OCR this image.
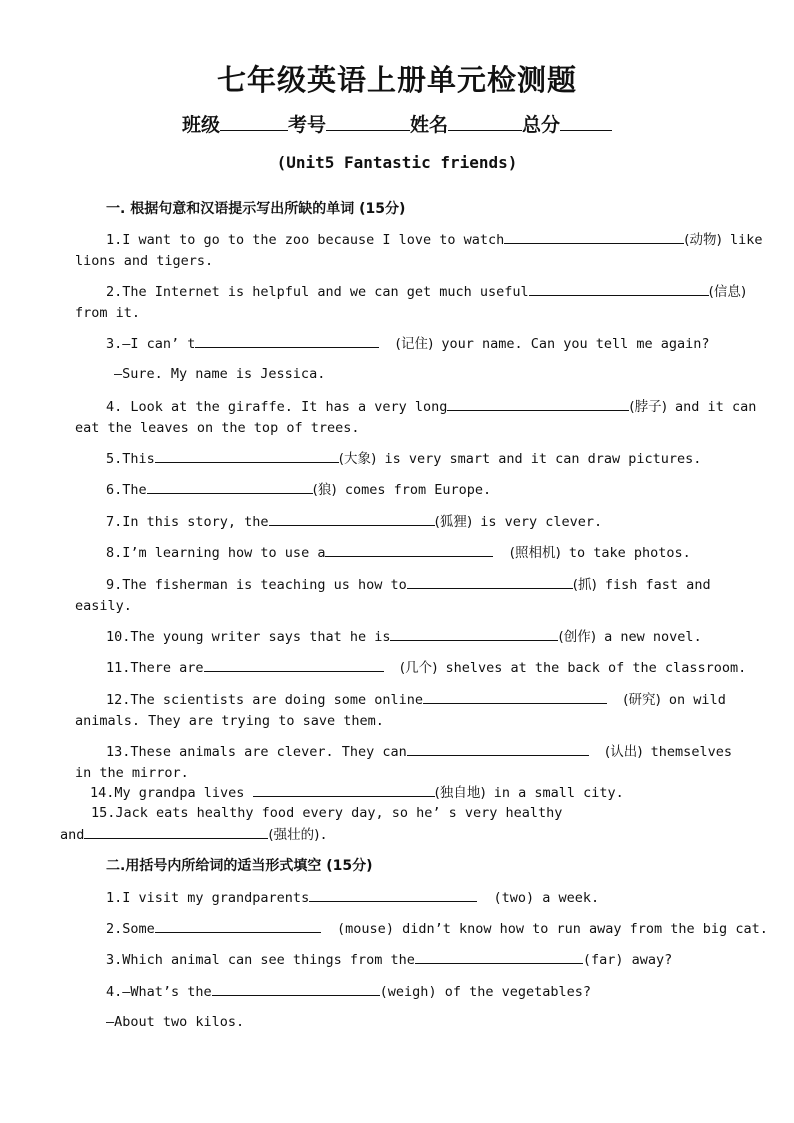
七年级英语上册单元检测题
班级	考号	姓名	总分
(Unit5 Fantastic friends)
一. 根据句意和汉语提示写出所缺的单词 (15分)
1.I want to go to the zoo because I love to watch	(动物) like
lions and tigers.
2.The Internet is helpful and we can get much useful	(信息)
from it.
3.—I can’ t	(记住) your name. Can you tell me again?
—Sure. My name is Jessica.
4. Look at the giraffe. It has a very long	(脖子) and it can
eat the leaves on the top of trees.
5.This	(大象) is very smart and it can draw pictures.
6.The	(狼) comes from Europe.
7.In this story, the	(狐狸) is very clever.
8.I’m learning how to use a	(照相机) to take photos.
9.The fisherman is teaching us how to	(抓) fish fast and
easily.
10.The young writer says that he is	(创作) a new novel.
11.There are	(几个) shelves at the back of the classroom.
12.The scientists are doing some online	(研究) on wild
animals. They are trying to save them.
13.These animals are clever. They can	(认出) themselves
in the mirror.
14.My grandpa lives	(独自地) in a small city.
15.Jack eats healthy food every day, so he’ s very healthy
and	(强壮的).
二.用括号内所给词的适当形式填空 (15分)
1.I visit my grandparents	(two) a week.
2.Some	(mouse) didn’t know how to run away from the big cat.
3.Which animal can see things from the	(far) away?
4.—What’s the	(weigh) of the vegetables?
—About two kilos.
